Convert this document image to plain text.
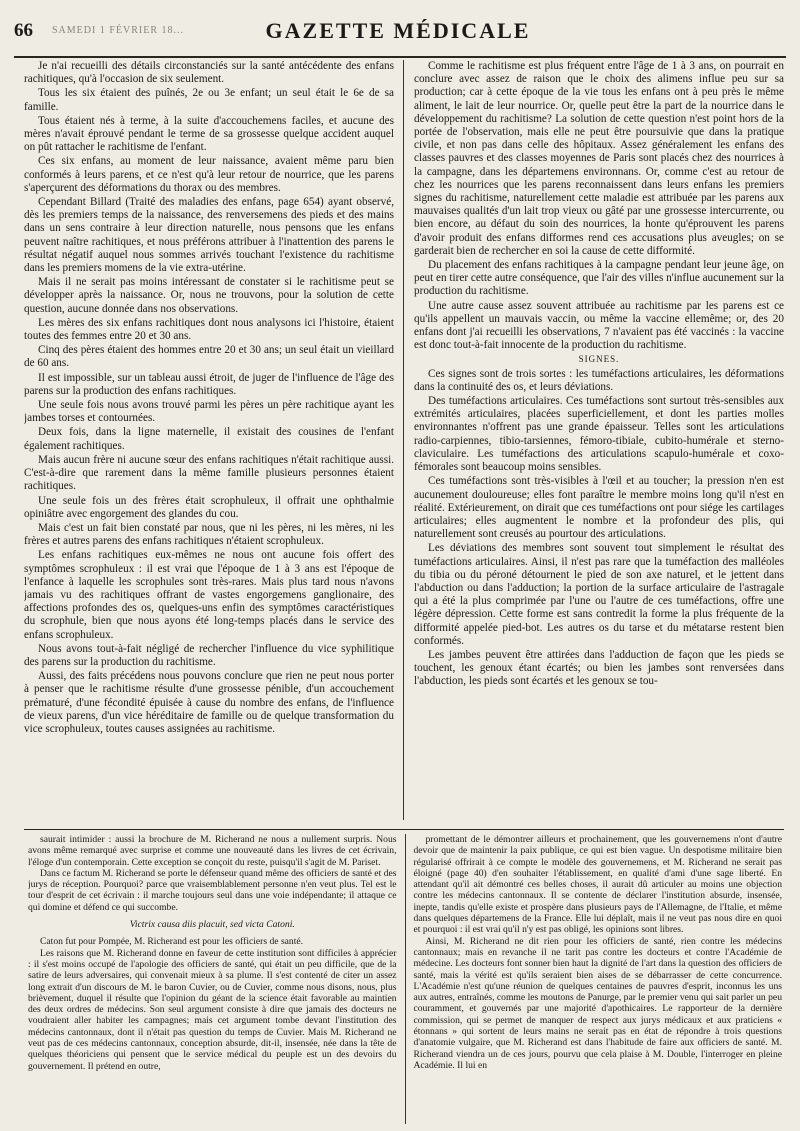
66 SAMEDI 1 FÉVRIER 18...	GAZETTE MÉDICALE

Je n'ai recueilli des détails circonstanciés sur la santé antécédente des enfans rachitiques, qu'à l'occasion de six seulement.

Tous les six étaient des puînés, 2e ou 3e enfant; un seul était le 6e de sa famille.

Tous étaient nés à terme, à la suite d'accouchemens faciles, et aucune des mères n'avait éprouvé pendant le terme de sa grossesse quelque accident auquel on pût rattacher le rachitisme de l'enfant.

Ces six enfans, au moment de leur naissance, avaient même paru bien conformés à leurs parens, et ce n'est qu'à leur retour de nourrice, que les parens s'aperçurent des déformations du thorax ou des membres.

Cependant Billard (Traité des maladies des enfans, page 654) ayant observé, dès les premiers temps de la naissance, des renversemens des pieds et des mains dans un sens contraire à leur direction naturelle, nous pensons que les enfans peuvent naître rachitiques, et nous préférons attribuer à l'inattention des parens le résultat négatif auquel nous sommes arrivés touchant l'existence du rachitisme dans les premiers momens de la vie extra-utérine.

Mais il ne serait pas moins intéressant de constater si le rachitisme peut se développer après la naissance. Or, nous ne trouvons, pour la solution de cette question, aucune donnée dans nos observations.

Les mères des six enfans rachitiques dont nous analysons ici l'histoire, étaient toutes des femmes entre 20 et 30 ans.

Cinq des pères étaient des hommes entre 20 et 30 ans; un seul était un vieillard de 60 ans.

Il est impossible, sur un tableau aussi étroit, de juger de l'influence de l'âge des parens sur la production des enfans rachitiques.

Une seule fois nous avons trouvé parmi les pères un père rachitique ayant les jambes torses et contournées.

Deux fois, dans la ligne maternelle, il existait des cousines de l'enfant également rachitiques.

Mais aucun frère ni aucune sœur des enfans rachitiques n'était rachitique aussi. C'est-à-dire que rarement dans la même famille plusieurs personnes étaient rachitiques.

Une seule fois un des frères était scrophuleux, il offrait une ophthalmie opiniâtre avec engorgement des glandes du cou.

Mais c'est un fait bien constaté par nous, que ni les pères, ni les mères, ni les frères et autres parens des enfans rachitiques n'étaient scrophuleux.

Les enfans rachitiques eux-mêmes ne nous ont aucune fois offert des symptômes scrophuleux : il est vrai que l'époque de 1 à 3 ans est l'époque de l'enfance à laquelle les scrophules sont très-rares. Mais plus tard nous n'avons jamais vu des rachitiques offrant de vastes engorgemens ganglionaire, des affections profondes des os, quelques-uns enfin des symptômes caractéristiques du scrophule, bien que nous ayons été long-temps placés dans le service des enfans scrophuleux.

Nous avons tout-à-fait négligé de rechercher l'influence du vice syphilitique des parens sur la production du rachitisme.

Aussi, des faits précédens nous pouvons conclure que rien ne peut nous porter à penser que le rachitisme résulte d'une grossesse pénible, d'un accouchement prématuré, d'une fécondité épuisée à cause du nombre des enfans, de l'influence de vieux parens, d'un vice héréditaire de famille ou de quelque transformation du vice scrophuleux, toutes causes assignées au rachitisme.

Comme le rachitisme est plus fréquent entre l'âge de 1 à 3 ans, on pourrait en conclure avec assez de raison que le choix des alimens influe peu sur sa production; car à cette époque de la vie tous les enfans ont à peu près le même aliment, le lait de leur nourrice. Or, quelle peut être la part de la nourrice dans le développement du rachitisme? La solution de cette question n'est point hors de la portée de l'observation, mais elle ne peut être poursuivie que dans la pratique civile, et non pas dans celle des hôpitaux. Assez généralement les enfans des classes pauvres et des classes moyennes de Paris sont placés chez des nourrices à la campagne, dans les départemens environnans. Or, comme c'est au retour de chez les nourrices que les parens reconnaissent dans leurs enfans les premiers signes du rachitisme, naturellement cette maladie est attribuée par les parens aux mauvaises qualités d'un lait trop vieux ou gâté par une grossesse intercurrente, ou bien encore, au défaut du soin des nourrices, la honte qu'éprouvent les parens d'avoir produit des enfans difformes rend ces accusations plus aveugles; on se garderait bien de rechercher en soi la cause de cette difformité.

Du placement des enfans rachitiques à la campagne pendant leur jeune âge, on peut en tirer cette autre conséquence, que l'air des villes n'influe aucunement sur la production du rachitisme.

Une autre cause assez souvent attribuée au rachitisme par les parens est ce qu'ils appellent un mauvais vaccin, ou même la vaccine ellemême; or, des 20 enfans dont j'ai recueilli les observations, 7 n'avaient pas été vaccinés : la vaccine est donc tout-à-fait innocente de la production du rachitisme.

SIGNES.

Ces signes sont de trois sortes : les tuméfactions articulaires, les déformations dans la continuité des os, et leurs déviations.

Des tuméfactions articulaires. Ces tuméfactions sont surtout très-sensibles aux extrémités articulaires, placées superficiellement, et dont les parties molles environnantes n'offrent pas une grande épaisseur. Telles sont les articulations radio-carpiennes, tibio-tarsiennes, fémoro-tibiale, cubito-humérale et sterno-claviculaire. Les tuméfactions des articulations scapulo-humérale et coxo-fémorales sont beaucoup moins sensibles.

Ces tuméfactions sont très-visibles à l'œil et au toucher; la pression n'en est aucunement douloureuse; elles font paraître le membre moins long qu'il n'est en réalité. Extérieurement, on dirait que ces tuméfactions ont pour siége les cartilages articulaires; elles augmentent le nombre et la profondeur des plis, qui naturellement sont creusés au pourtour des articulations.

Les déviations des membres sont souvent tout simplement le résultat des tuméfactions articulaires. Ainsi, il n'est pas rare que la tuméfaction des malléoles du tibia ou du péroné détournent le pied de son axe naturel, et le jettent dans l'abduction ou dans l'adduction; la portion de la surface articulaire de l'astragale qui a été la plus comprimée par l'une ou l'autre de ces tuméfactions, offre une légère dépression. Cette forme est sans contredit la forme la plus fréquente de la difformité appelée pied-bot. Les autres os du tarse et du métatarse restent bien conformés.

Les jambes peuvent être attirées dans l'adduction de façon que les pieds se touchent, les genoux étant écartés; ou bien les jambes sont renversées dans l'abduction, les pieds sont écartés et les genoux se tou-

saurait intimider : aussi la brochure de M. Richerand ne nous a nullement surpris. Nous avons même remarqué avec surprise et comme une nouveauté dans les livres de cet écrivain, l'éloge d'un contemporain. Cette exception se conçoit du reste, puisqu'il s'agit de M. Pariset.

Dans ce factum M. Richerand se porte le défenseur quand même des officiers de santé et des jurys de réception. Pourquoi? parce que vraisemblablement personne n'en veut plus. Tel est le tour d'esprit de cet écrivain : il marche toujours seul dans une voie indépendante; il attaque ce qui domine et défend ce qui succombe.

Victrix causa diis placuit, sed victa Catoni.

Caton fut pour Pompée, M. Richerand est pour les officiers de santé.

Les raisons que M. Richerand donne en faveur de cette institution sont difficiles à apprécier : il s'est moins occupé de l'apologie des officiers de santé, qui était un peu difficile, que de la satire de leurs adversaires, qui convenait mieux à sa plume. Il s'est contenté de citer un assez long extrait d'un discours de M. le baron Cuvier, ou de Cuvier, comme nous disons, nous, plus brièvement, duquel il résulte que l'opinion du géant de la science était favorable au maintien des deux ordres de médecins. Son seul argument consiste à dire que jamais des docteurs ne voudraient aller habiter les campagnes; mais cet argument tombe devant l'institution des médecins cantonnaux, dont il n'était pas question du temps de Cuvier. Mais M. Richerand ne veut pas de ces médecins cantonnaux, conception absurde, dit-il, insensée, née dans la tête de quelques théoriciens qui pensent que le service médical du peuple est un des devoirs du gouvernement. Il prétend en outre,

promettant de le démontrer ailleurs et prochainement, que les gouvernemens n'ont d'autre devoir que de maintenir la paix publique, ce qui est bien vague. Un despotisme militaire bien régularisé offrirait à ce compte le modèle des gouvernemens, et M. Richerand ne serait pas éloigné (page 40) d'en souhaiter l'établissement, en qualité d'ami d'une sage liberté. En attendant qu'il ait démontré ces belles choses, il aurait dû articuler au moins une objection contre les médecins cantonnaux. Il se contente de déclarer l'institution absurde, insensée, inepte, tandis qu'elle existe et prospère dans plusieurs pays de l'Allemagne, de l'Italie, et même dans quelques départemens de la France. Elle lui déplaît, mais il ne veut pas nous dire en quoi et pourquoi : il est vrai qu'il n'y est pas obligé, les opinions sont libres.

Ainsi, M. Richerand ne dit rien pour les officiers de santé, rien contre les médecins cantonnaux; mais en revanche il ne tarit pas contre les docteurs et contre l'Académie de médecine. Les docteurs font sonner bien haut la dignité de l'art dans la question des officiers de santé, mais la vérité est qu'ils seraient bien aises de se débarrasser de cette concurrence. L'Académie n'est qu'une réunion de quelques centaines de pauvres d'esprit, inconnus les uns aux autres, entraînés, comme les moutons de Panurge, par le premier venu qui sait parler un peu couramment, et gouvernés par une majorité d'apothicaires. Le rapporteur de la dernière commission, qui se permet de manquer de respect aux jurys médicaux et aux praticiens « étonnans » qui sortent de leurs mains ne serait pas en état de répondre à trois questions d'anatomie vulgaire, que M. Richerand est dans l'habitude de faire aux officiers de santé. M. Richerand viendra un de ces jours, pourvu que cela plaise à M. Double, l'interroger en pleine Académie. Il lui en
